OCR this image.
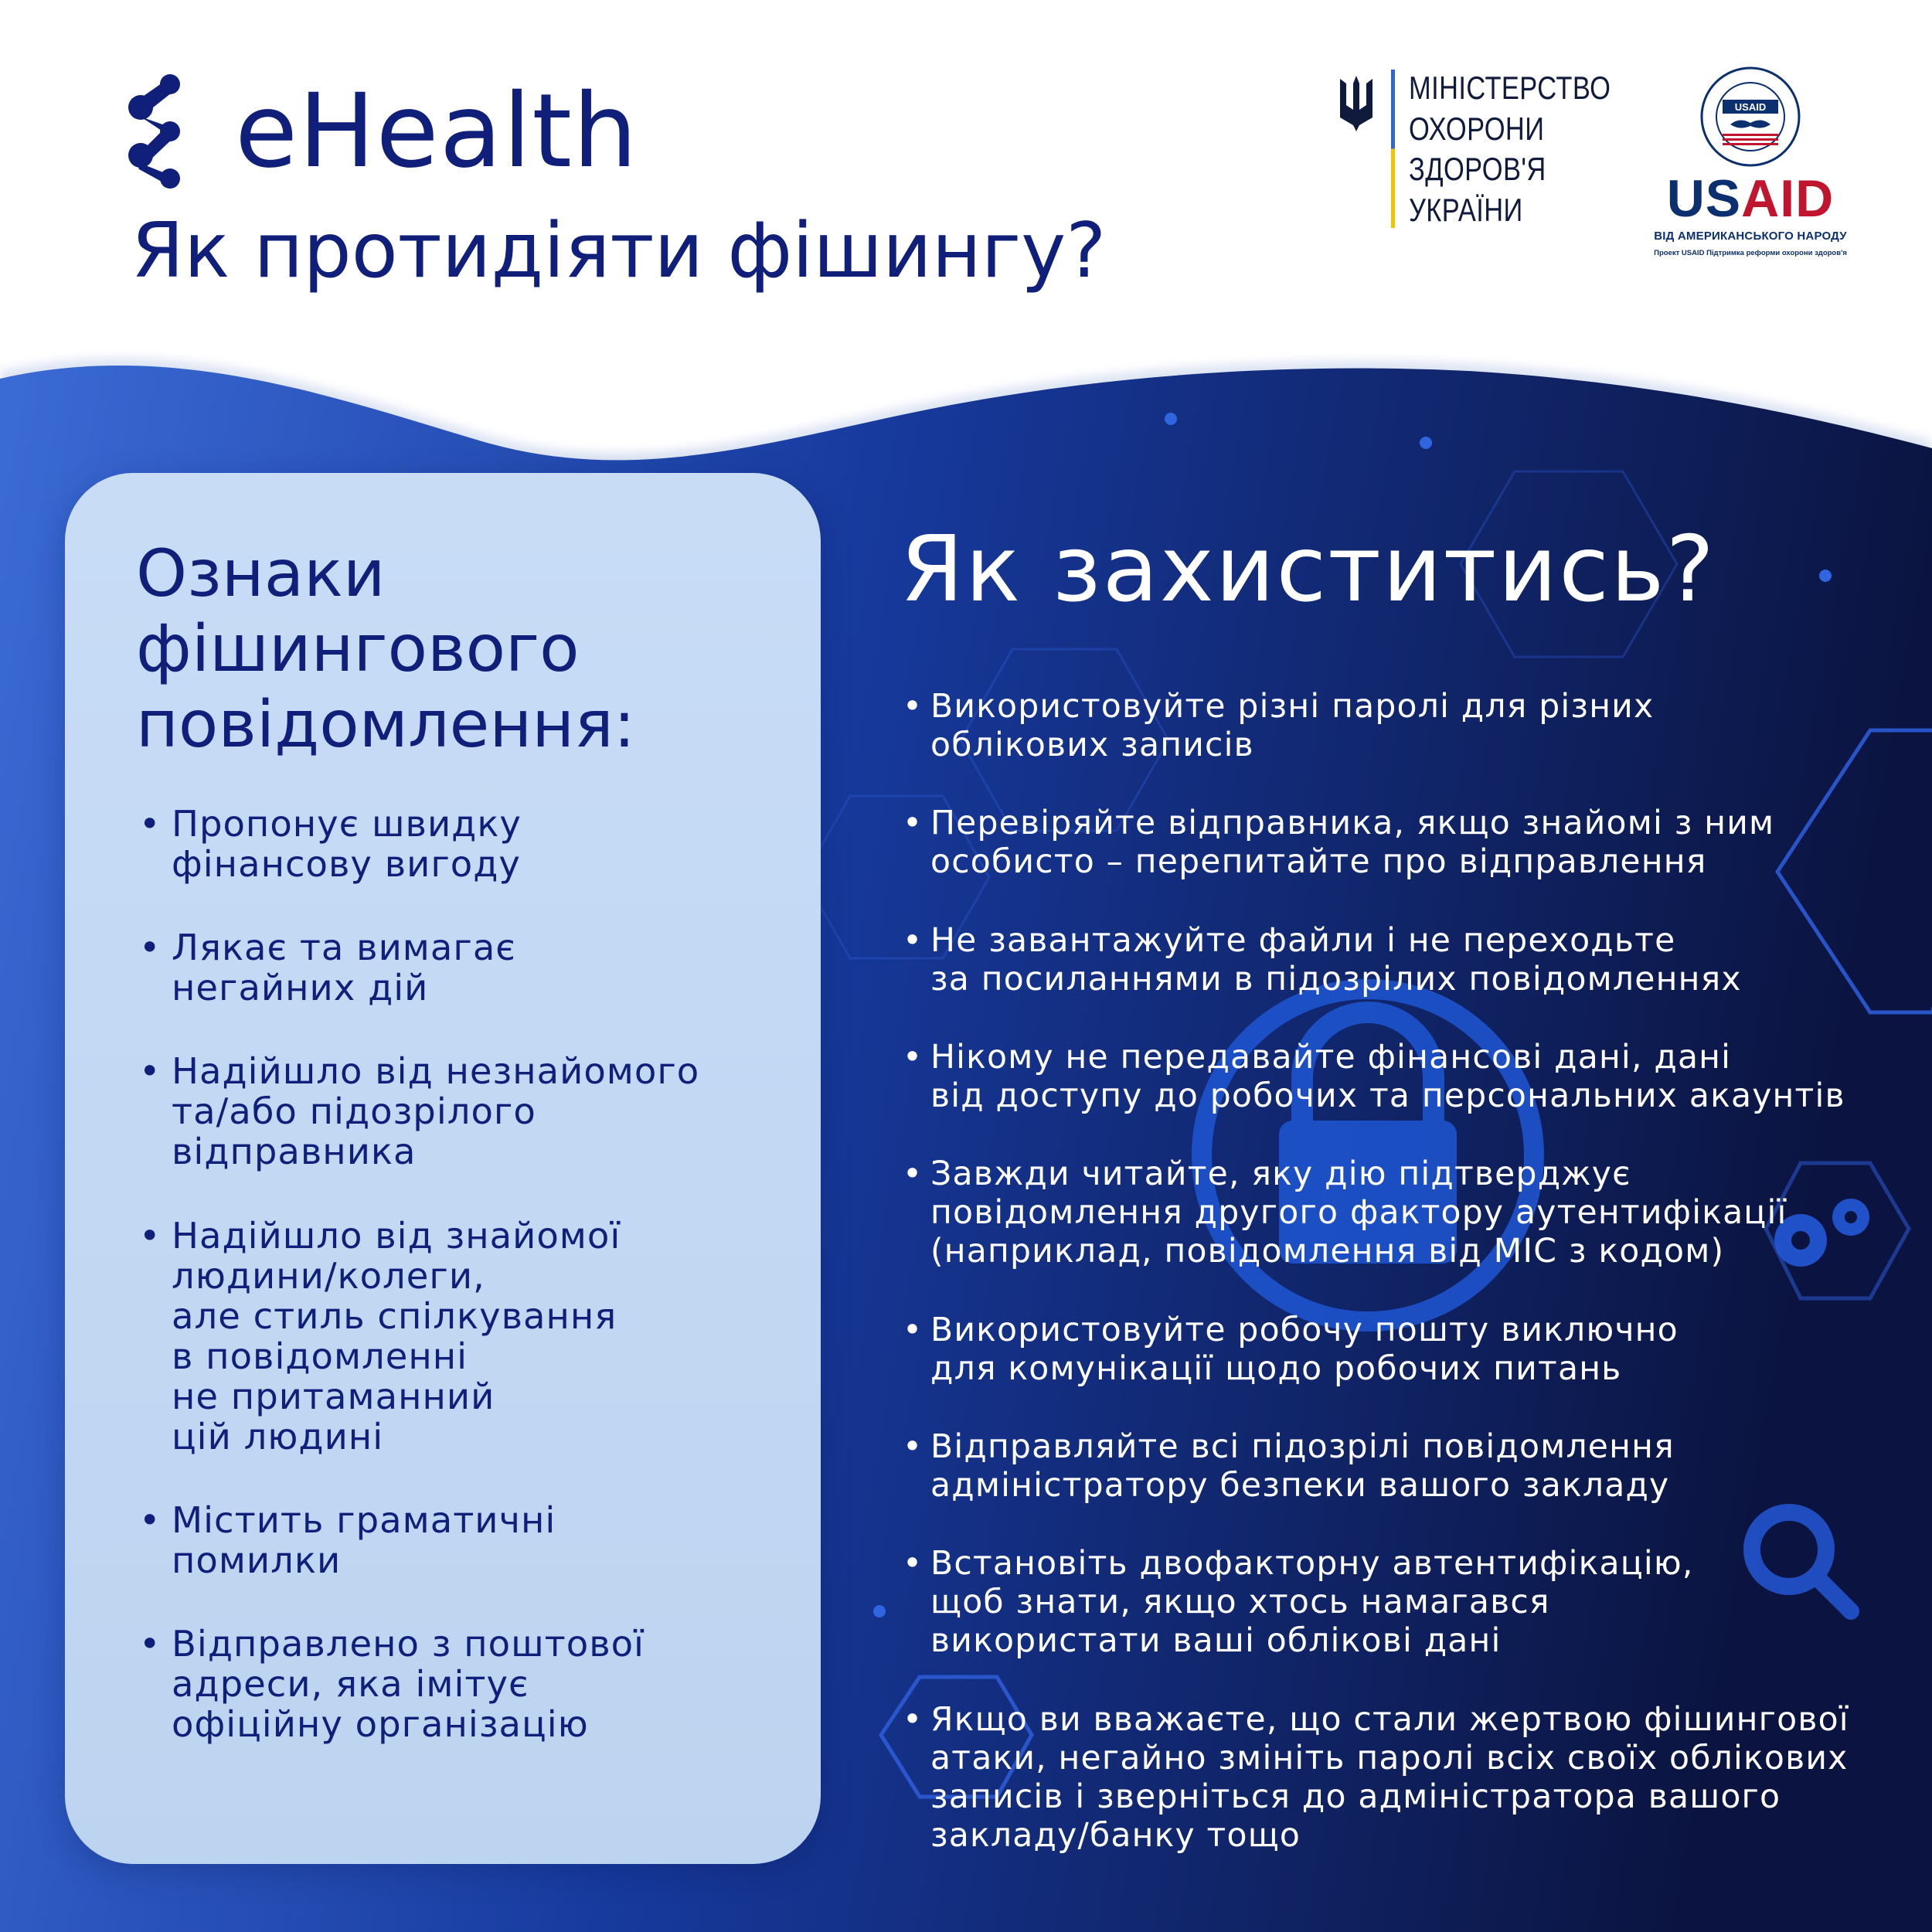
eHealth
Як протидіяти фішингу?
МІНІСТЕРСТВО
ОХОРОНИ
ЗДОРОВ'Я
УКРАЇНИ
USAID
USAID
ВІД АМЕРИКАНСЬКОГО НАРОДУ
Проект USAID Підтримка реформи охорони здоров'я
Ознаки
фішингового
повідомлення:
• Пропонує швидку
фінансову вигоду
• Лякає та вимагає
негайних дій
• Надійшло від незнайомого
та/або підозрілого
відправника
• Надійшло від знайомої
людини/колеги,
але стиль спілкування
в повідомленні
не притаманний
цій людині
• Містить граматичні
помилки
• Відправлено з поштової
адреси, яка імітує
офіційну організацію
Як захиститись?
• Використовуйте різні паролі для різних
облікових записів
• Перевіряйте відправника, якщо знайомі з ним
особисто – перепитайте про відправлення
• Не завантажуйте файли і не переходьте
за посиланнями в підозрілих повідомленнях
• Нікому не передавайте фінансові дані, дані
від доступу до робочих та персональних акаунтів
• Завжди читайте, яку дію підтверджує
повідомлення другого фактору аутентифікації
(наприклад, повідомлення від МІС з кодом)
• Використовуйте робочу пошту виключно
для комунікації щодо робочих питань
• Відправляйте всі підозрілі повідомлення
адміністратору безпеки вашого закладу
• Встановіть двофакторну автентифікацію,
щоб знати, якщо хтось намагався
використати ваші облікові дані
• Якщо ви вважаєте, що стали жертвою фішингової
атаки, негайно змініть паролі всіх своїх облікових
записів і зверніться до адміністратора вашого
закладу/банку тощо
